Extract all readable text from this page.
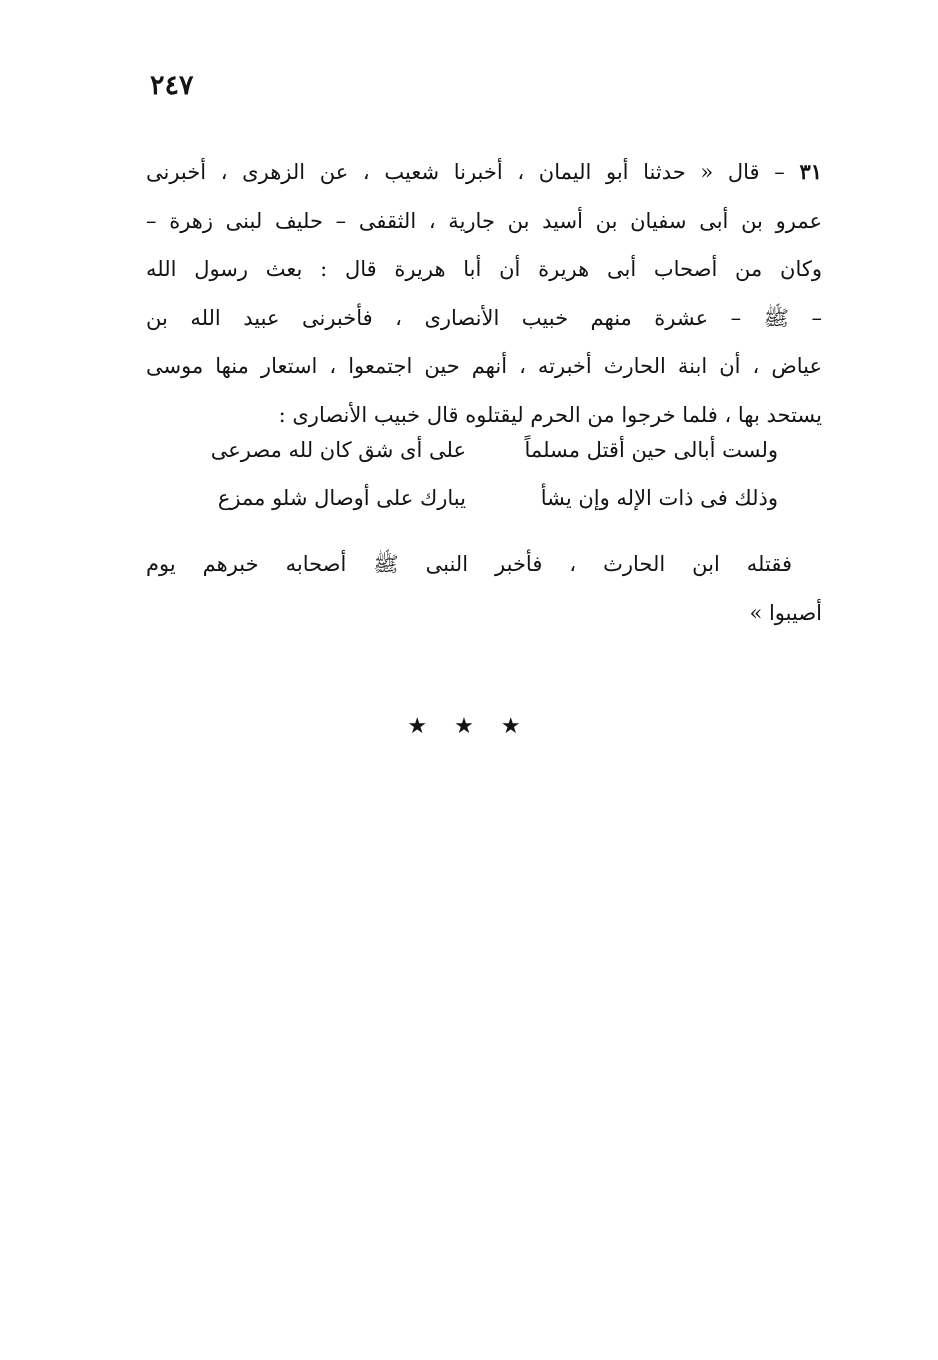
٢٤٧
٣١ – قال « حدثنا أبو اليمان ، أخبرنا شعيب ، عن الزهرى ، أخبرنى
عمرو بن أبى سفيان بن أسيد بن جارية ، الثقفى – حليف لبنى زهرة –
وكان من أصحاب أبى هريرة أن أبا هريرة قال : بعث رسول الله
– ﷺ – عشرة منهم خبيب الأنصارى ، فأخبرنى عبيد الله بن
عياض ، أن ابنة الحارث أخبرته ، أنهم حين اجتمعوا ، استعار منها موسى
يستحد بها ، فلما خرجوا من الحرم ليقتلوه قال خبيب الأنصارى :
ولست أبالى حين أقتل مسلماً
على أى شق كان لله مصرعى
وذلك فى ذات الإله وإن يشأ
يبارك على أوصال شلو ممزع
فقتله ابن الحارث ، فأخبر النبى ﷺ أصحابه خبرهم يوم
أصيبوا »
★ ★ ★
